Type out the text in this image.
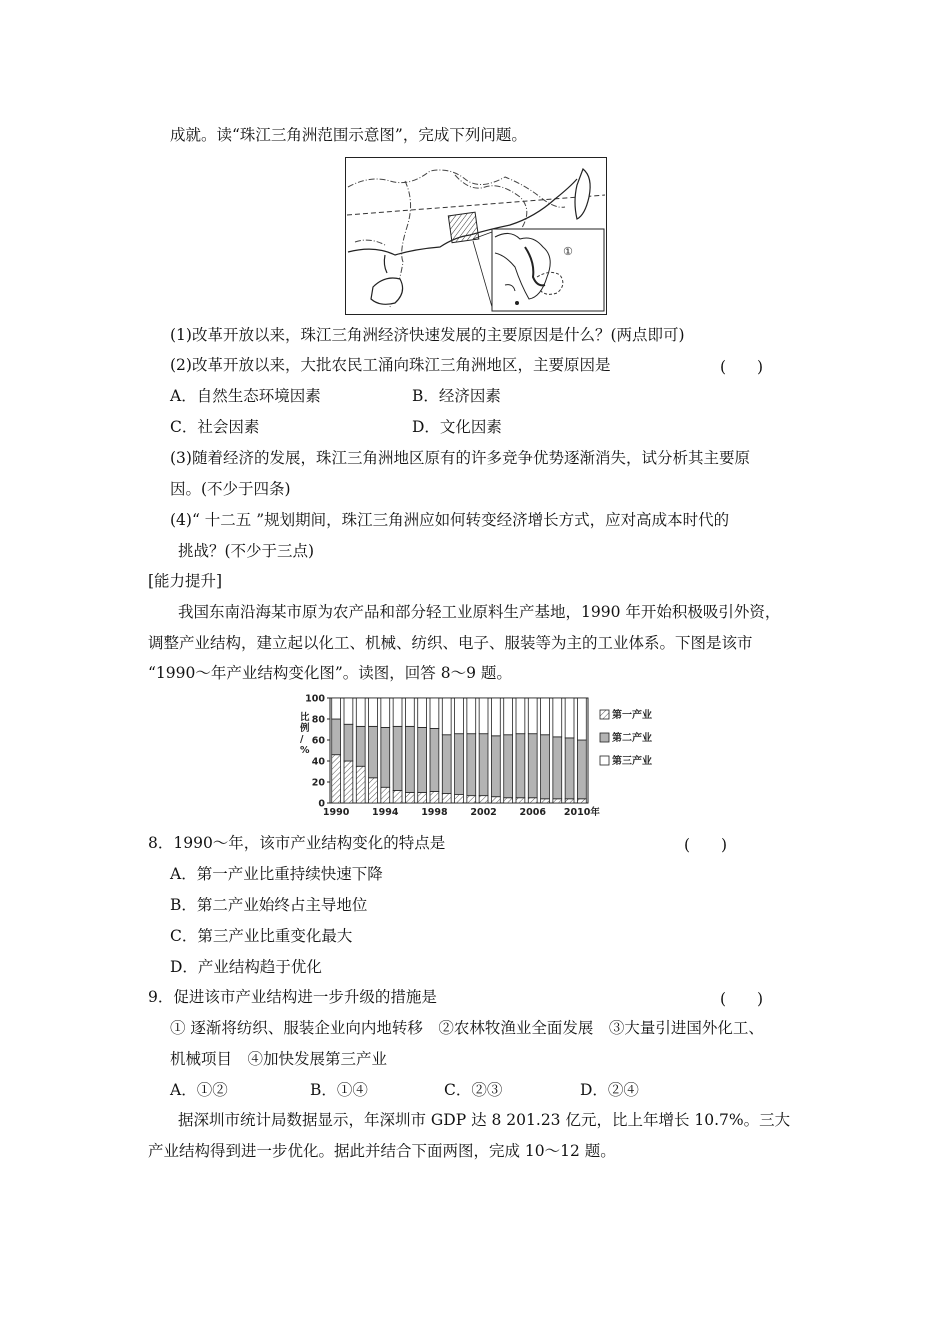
成就。读“珠江三角洲范围示意图”，完成下列问题。
①
(1)改革开放以来，珠江三角洲经济快速发展的主要原因是什么？(两点即可)
(2)改革开放以来，大批农民工涌向珠江三角洲地区，主要原因是	(　　)
A．自然生态环境因素	B．经济因素
C．社会因素	D．文化因素
(3)随着经济的发展，珠江三角洲地区原有的许多竞争优势逐渐消失，试分析其主要原
因。(不少于四条)
(4)“ 十二五 ”规划期间，珠江三角洲应如何转变经济增长方式，应对高成本时代的
挑战？(不少于三点)
[能力提升]
我国东南沿海某市原为农产品和部分轻工业原料生产基地，1990 年开始积极吸引外资，
调整产业结构，建立起以化工、机械、纺织、电子、服装等为主的工业体系。下图是该市
“1990～年产业结构变化图”。读图，回答 8～9 题。
0
20
40
60
80
100
比例/ %
1990 1994 1998 2002 2006 2010年
第一产业
第二产业
第三产业
8．1990～年，该市产业结构变化的特点是	(　　)
A．第一产业比重持续快速下降
B．第二产业始终占主导地位
C．第三产业比重变化最大
D．产业结构趋于优化
9．促进该市产业结构进一步升级的措施是	(　　)
① 逐渐将纺织、服装企业向内地转移　②农林牧渔业全面发展　③大量引进国外化工、
机械项目　④加快发展第三产业
A．①②	B．①④	C．②③	D．②④
据深圳市统计局数据显示，年深圳市 GDP 达 8 201.23 亿元，比上年增长 10.7%。三大
产业结构得到进一步优化。据此并结合下面两图，完成 10～12 题。
